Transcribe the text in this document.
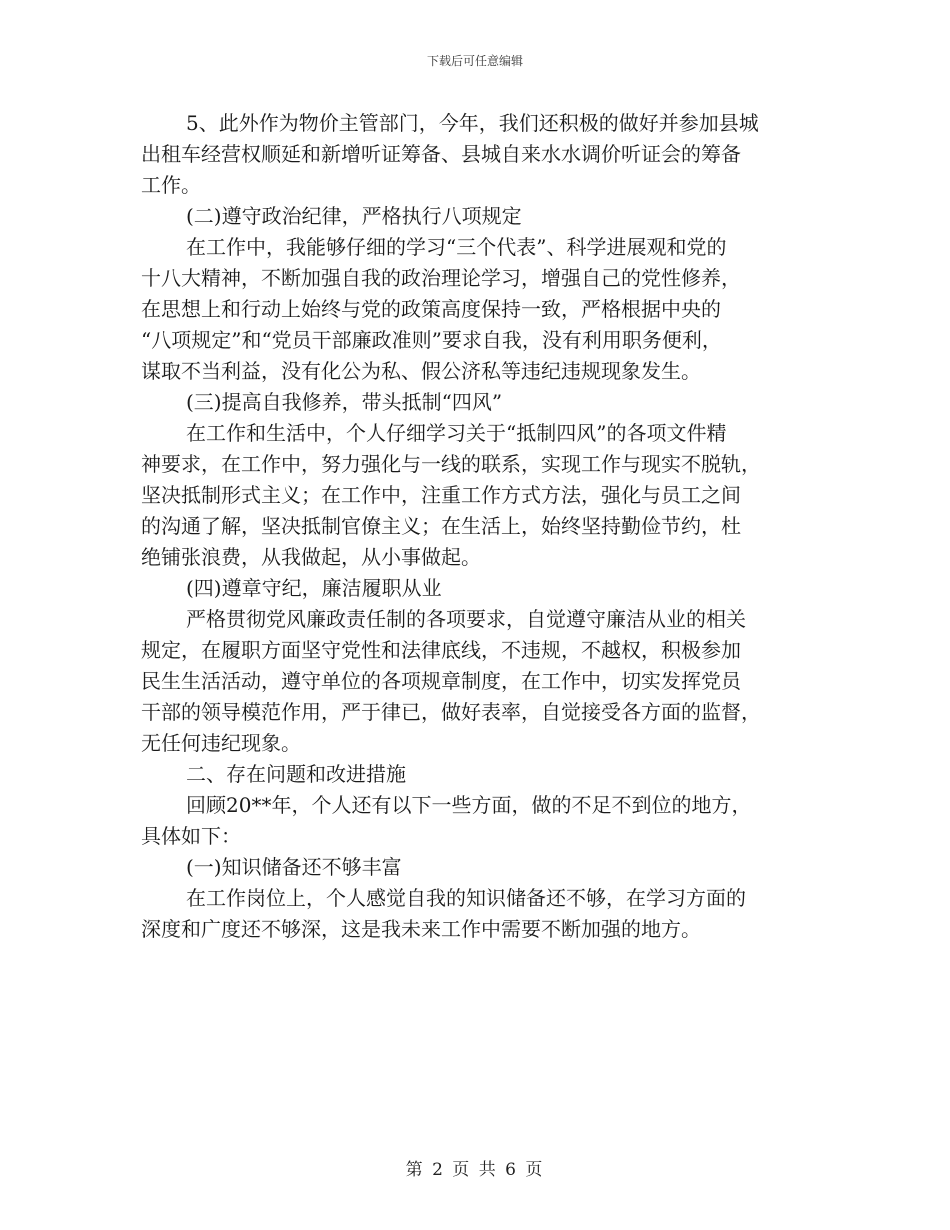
下载后可任意编辑
5、此外作为物价主管部门，今年，我们还积极的做好并参加县城
出租车经营权顺延和新增听证筹备、县城自来水水调价听证会的筹备
工作。
(二)遵守政治纪律，严格执行八项规定
在工作中，我能够仔细的学习“三个代表”、科学进展观和党的
十八大精神，不断加强自我的政治理论学习，增强自己的党性修养，
在思想上和行动上始终与党的政策高度保持一致，严格根据中央的
“八项规定”和“党员干部廉政准则”要求自我，没有利用职务便利，
谋取不当利益，没有化公为私、假公济私等违纪违规现象发生。
(三)提高自我修养，带头抵制“四风”
在工作和生活中，个人仔细学习关于“抵制四风”的各项文件精
神要求，在工作中，努力强化与一线的联系，实现工作与现实不脱轨，
坚决抵制形式主义；在工作中，注重工作方式方法，强化与员工之间
的沟通了解，坚决抵制官僚主义；在生活上，始终坚持勤俭节约，杜
绝铺张浪费，从我做起，从小事做起。
(四)遵章守纪，廉洁履职从业
严格贯彻党风廉政责任制的各项要求，自觉遵守廉洁从业的相关
规定，在履职方面坚守党性和法律底线，不违规，不越权，积极参加
民生生活活动，遵守单位的各项规章制度，在工作中，切实发挥党员
干部的领导模范作用，严于律已，做好表率，自觉接受各方面的监督，
无任何违纪现象。
二、存在问题和改进措施
回顾20**年，个人还有以下一些方面，做的不足不到位的地方，
具体如下：
(一)知识储备还不够丰富
在工作岗位上，个人感觉自我的知识储备还不够，在学习方面的
深度和广度还不够深，这是我未来工作中需要不断加强的地方。
第 2 页 共 6 页
